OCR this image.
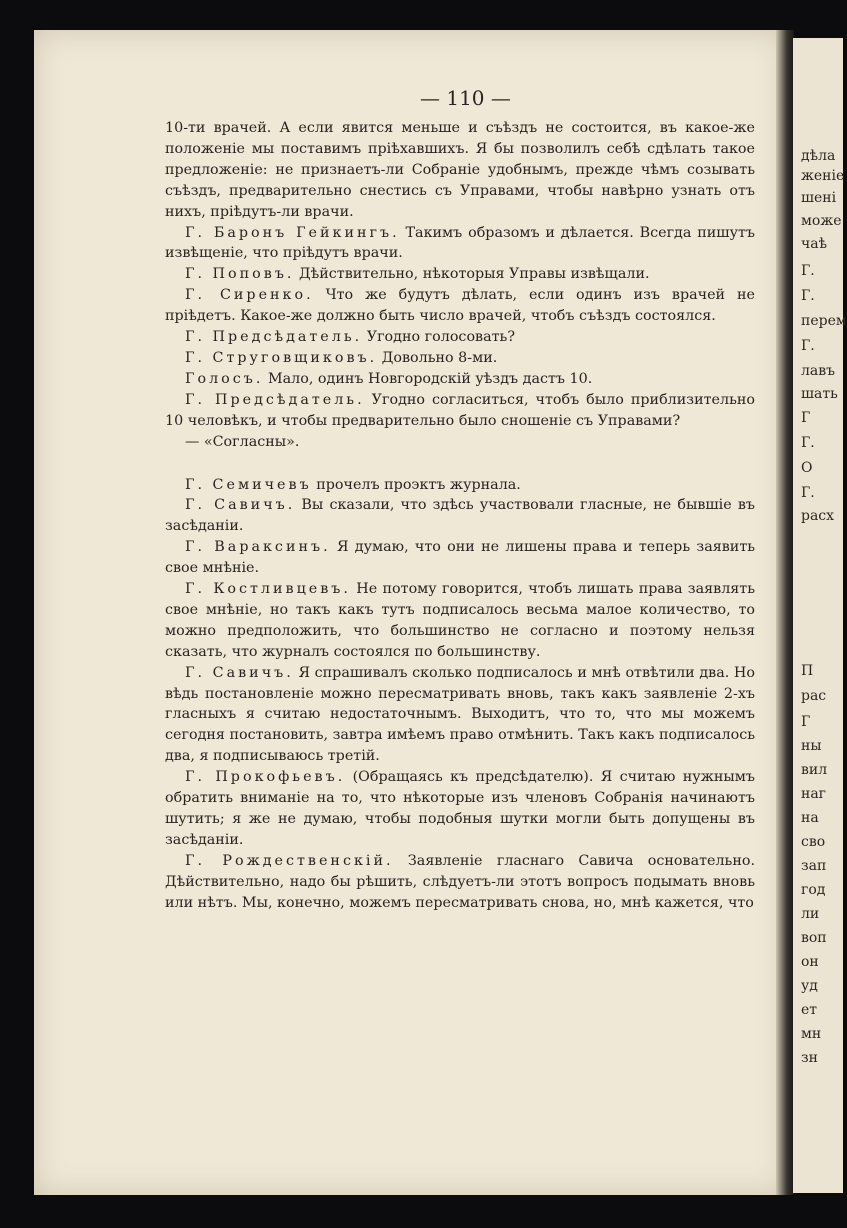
дѣла
женіе
шені
може
чаѣ
Г.
Г.
перем
Г.
лавъ
шать
Г
Г.
О
Г.
расх
П
рас
Г
ны
вил
наг
на
сво
зап
год
ли
воп
он
уд
ет
мн
зн
— 110 —

10-ти врачей. А если явится меньше и съѣздъ не состоится, въ какое-же положеніе мы поставимъ пріѣхавшихъ. Я бы позволилъ себѣ сдѣлать такое предложеніе: не признаетъ-ли Собраніе удобнымъ, прежде чѣмъ созывать съѣздъ, предварительно снестись съ Управами, чтобы навѣрно узнать отъ нихъ, пріѣдутъ-ли врачи.

Г. Баронъ Гейкингъ. Такимъ образомъ и дѣлается. Всегда пишутъ извѣщеніе, что пріѣдутъ врачи.

Г. Поповъ. Дѣйствительно, нѣкоторыя Управы извѣщали.

Г. Сиренко. Что же будутъ дѣлать, если одинъ изъ врачей не пріѣдетъ. Какое-же должно быть число врачей, чтобъ съѣздъ состоялся.

Г. Предсѣдатель. Угодно голосовать?

Г. Струговщиковъ. Довольно 8-ми.

Голосъ. Мало, одинъ Новгородскій уѣздъ дастъ 10.

Г. Предсѣдатель. Угодно согласиться, чтобъ было приблизительно 10 человѣкъ, и чтобы предварительно было сношеніе съ Управами?

— «Согласны».

Г. Семичевъ прочелъ проэктъ журнала.

Г. Савичъ. Вы сказали, что здѣсь участвовали гласные, не бывшіе въ засѣданіи.

Г. Вараксинъ. Я думаю, что они не лишены права и теперь заявить свое мнѣніе.

Г. Костливцевъ. Не потому говорится, чтобъ лишать права заявлять свое мнѣніе, но такъ какъ тутъ подписалось весьма малое количество, то можно предположить, что большинство не согласно и поэтому нельзя сказать, что журналъ состоялся по большинству.

Г. Савичъ. Я спрашивалъ сколько подписалось и мнѣ отвѣтили два. Но вѣдь постановленіе можно пересматривать вновь, такъ какъ заявленіе 2-хъ гласныхъ я считаю недостаточнымъ. Выходитъ, что то, что мы можемъ сегодня постановить, завтра имѣемъ право отмѣнить. Такъ какъ подписалось два, я подписываюсь третій.

Г. Прокофьевъ. (Обращаясь къ предсѣдателю). Я считаю нужнымъ обратить вниманіе на то, что нѣкоторые изъ членовъ Собранія начинаютъ шутить; я же не думаю, чтобы подобныя шутки могли быть допущены въ засѣданіи.

Г. Рождественскій. Заявленіе гласнаго Савича основательно. Дѣйствительно, надо бы рѣшить, слѣдуетъ-ли этотъ вопросъ подымать вновь или нѣтъ. Мы, конечно, можемъ пересматривать снова, но, мнѣ кажется, что
